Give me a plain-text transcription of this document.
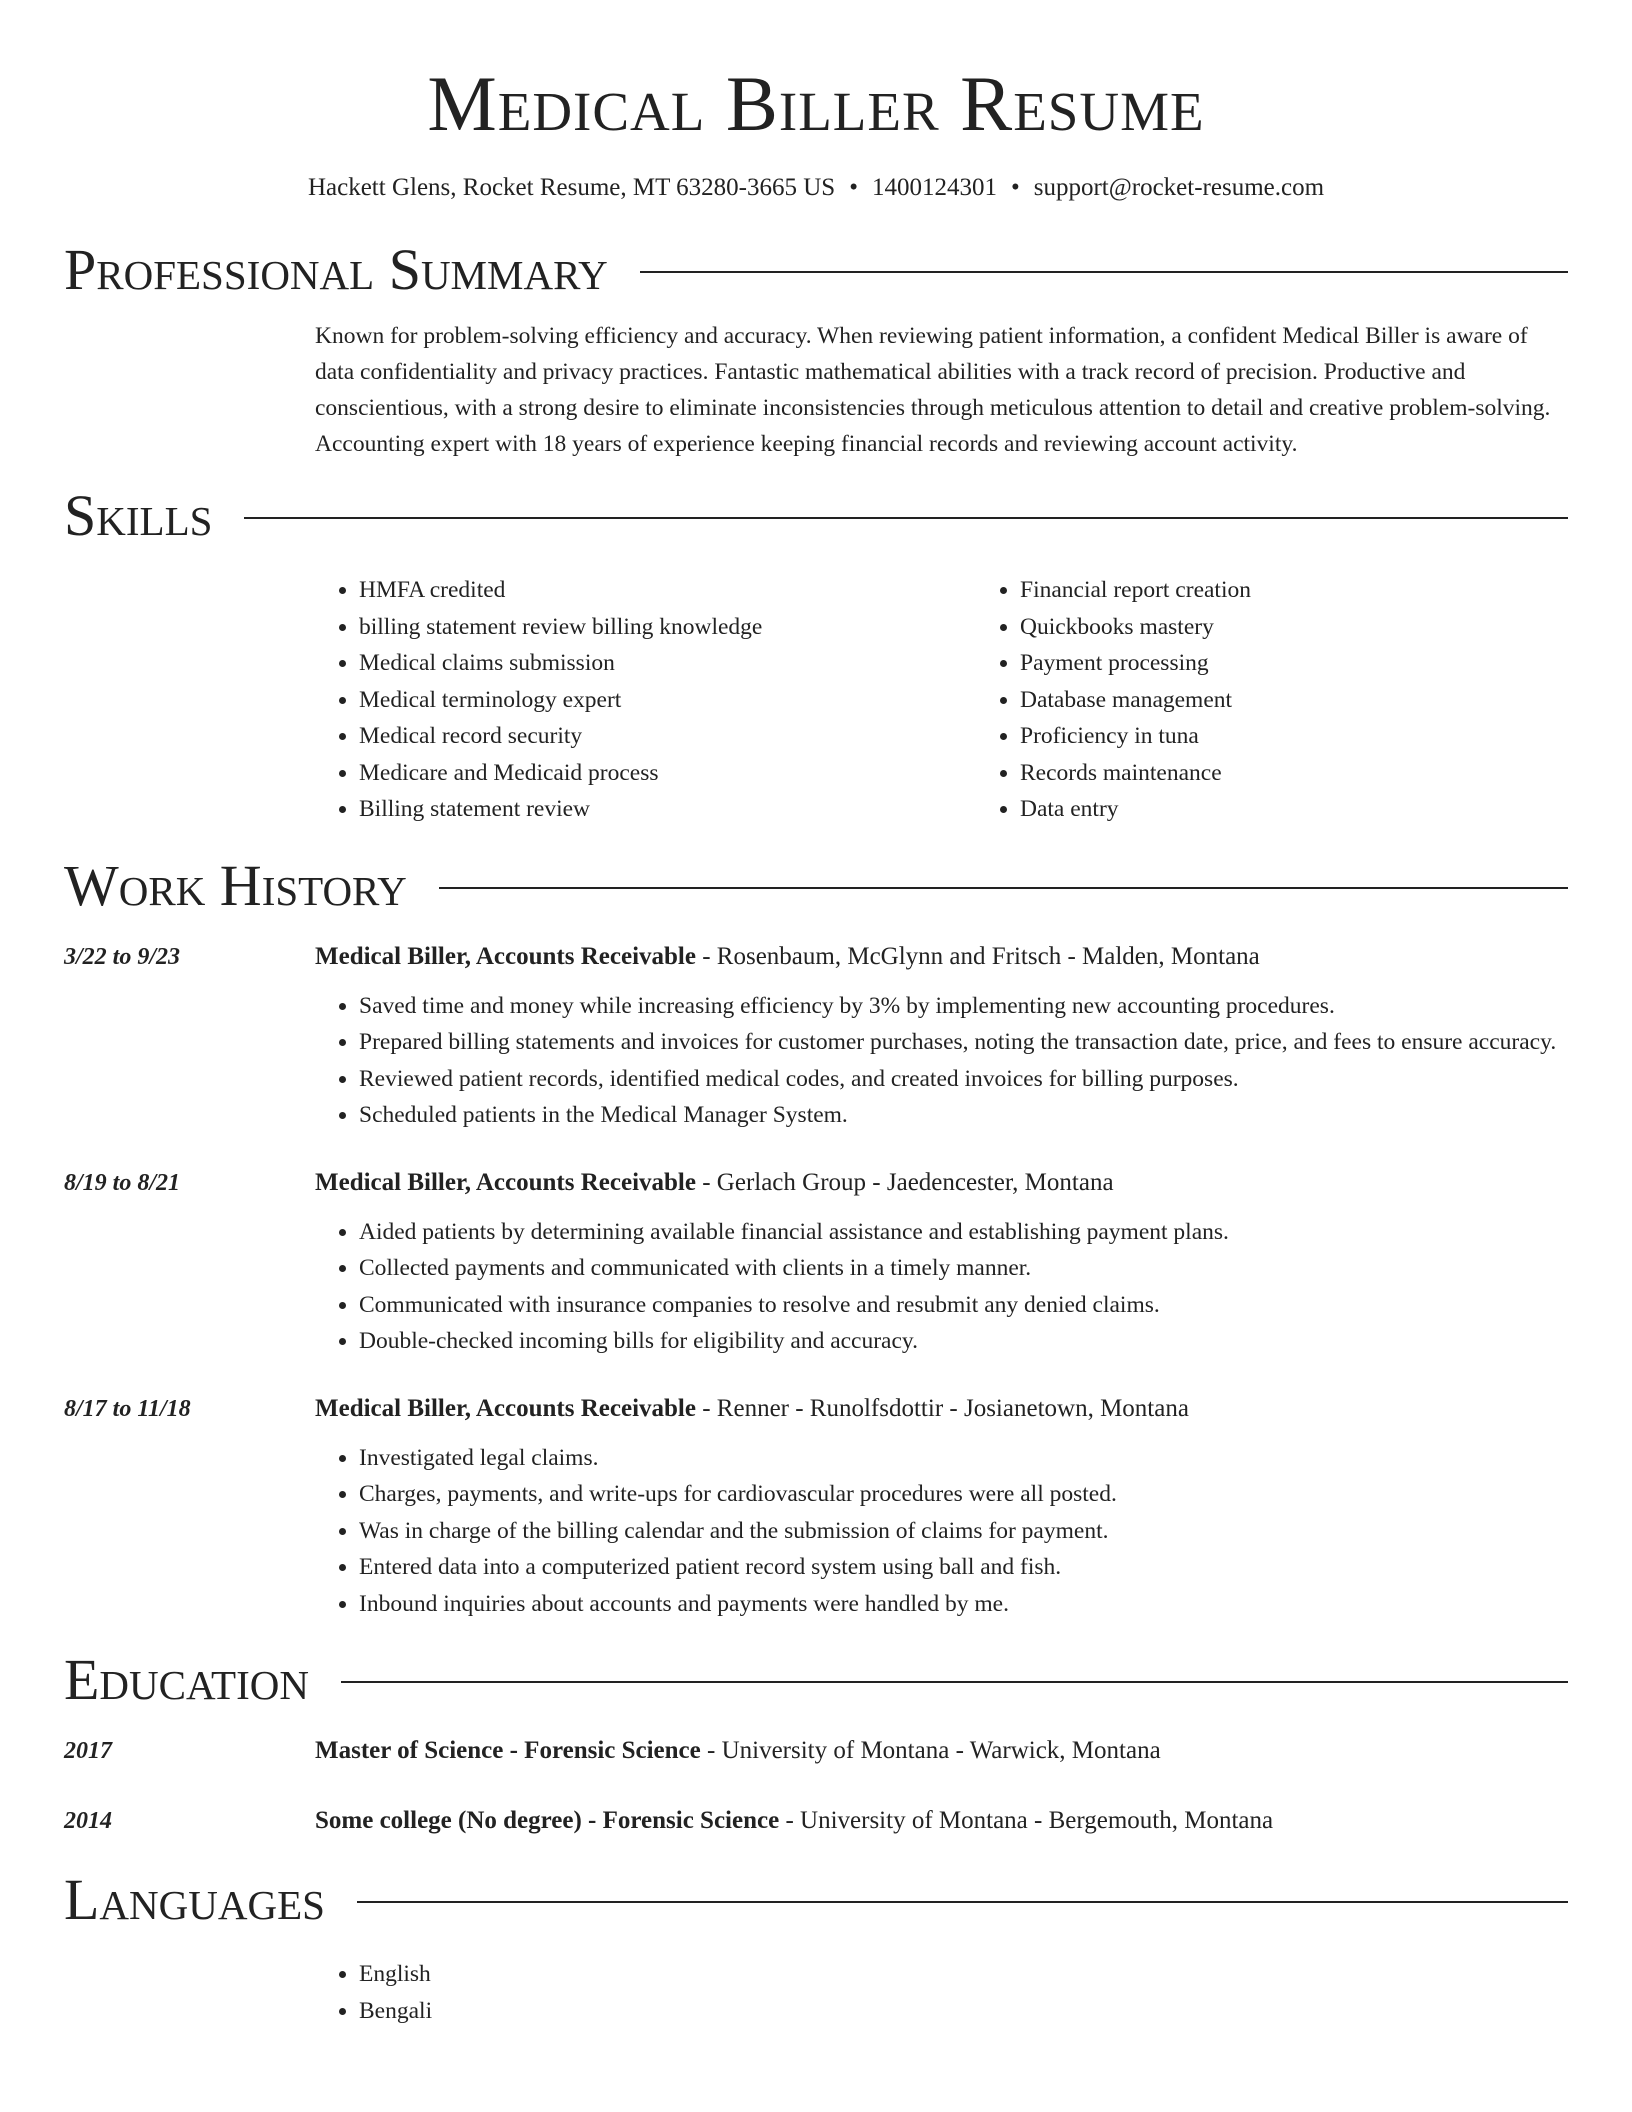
Medical Biller Resume
Hackett Glens, Rocket Resume, MT 63280-3665 US • 1400124301 • support@rocket-resume.com
Professional Summary

Known for problem-solving efficiency and accuracy. When reviewing patient information, a confident Medical Biller is aware of data confidentiality and privacy practices. Fantastic mathematical abilities with a track record of precision. Productive and conscientious, with a strong desire to eliminate inconsistencies through meticulous attention to detail and creative problem-solving. Accounting expert with 18 years of experience keeping financial records and reviewing account activity.

Skills
• HMFA credited
• billing statement review billing knowledge
• Medical claims submission
• Medical terminology expert
• Medical record security
• Medicare and Medicaid process
• Billing statement review
• Financial report creation
• Quickbooks mastery
• Payment processing
• Database management
• Proficiency in tuna
• Records maintenance
• Data entry
Work History
3/22 to 9/23	Medical Biller, Accounts Receivable - Rosenbaum, McGlynn and Fritsch - Malden, Montana
• Saved time and money while increasing efficiency by 3% by implementing new accounting procedures.
• Prepared billing statements and invoices for customer purchases, noting the transaction date, price, and fees to ensure accuracy.
• Reviewed patient records, identified medical codes, and created invoices for billing purposes.
• Scheduled patients in the Medical Manager System.
8/19 to 8/21	Medical Biller, Accounts Receivable - Gerlach Group - Jaedencester, Montana
• Aided patients by determining available financial assistance and establishing payment plans.
• Collected payments and communicated with clients in a timely manner.
• Communicated with insurance companies to resolve and resubmit any denied claims.
• Double-checked incoming bills for eligibility and accuracy.
8/17 to 11/18	Medical Biller, Accounts Receivable - Renner - Runolfsdottir - Josianetown, Montana
• Investigated legal claims.
• Charges, payments, and write-ups for cardiovascular procedures were all posted.
• Was in charge of the billing calendar and the submission of claims for payment.
• Entered data into a computerized patient record system using ball and fish.
• Inbound inquiries about accounts and payments were handled by me.
Education
2017	Master of Science - Forensic Science - University of Montana - Warwick, Montana
2014	Some college (No degree) - Forensic Science - University of Montana - Bergemouth, Montana
Languages
• English
• Bengali
